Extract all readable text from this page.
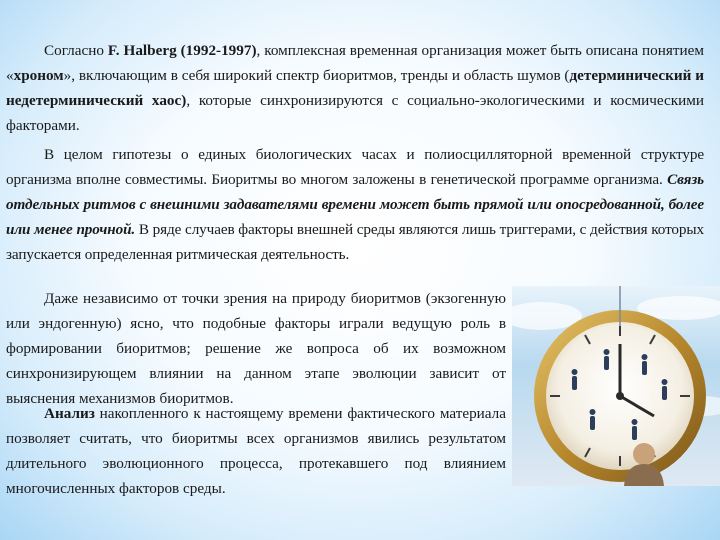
Согласно F. Halberg (1992-1997), комплексная временная организация может быть описана понятием «хроном», включающим в себя широкий спектр биоритмов, тренды и область шумов (детерминический и недетерминический хаос), которые синхронизируются с социально-экологическими и космическими факторами.

В целом гипотезы о единых биологических часах и полиосцилляторной временной структуре организма вполне совместимы. Биоритмы во многом заложены в генетической программе организма. Связь отдельных ритмов с внешними задавателями времени может быть прямой или опосредованной, более или менее прочной. В ряде случаев факторы внешней среды являются лишь триггерами, с действия которых запускается определенная ритмическая деятельность.

Даже независимо от точки зрения на природу биоритмов (экзогенную или эндогенную) ясно, что подобные факторы играли ведущую роль в формировании биоритмов; решение же вопроса об их возможном синхронизирующем влиянии на данном этапе эволюции зависит от выяснения механизмов биоритмов.

Анализ накопленного к настоящему времени фактического материала позволяет считать, что биоритмы всех организмов явились результатом длительного эволюционного процесса, протекавшего под влиянием многочисленных факторов среды.
